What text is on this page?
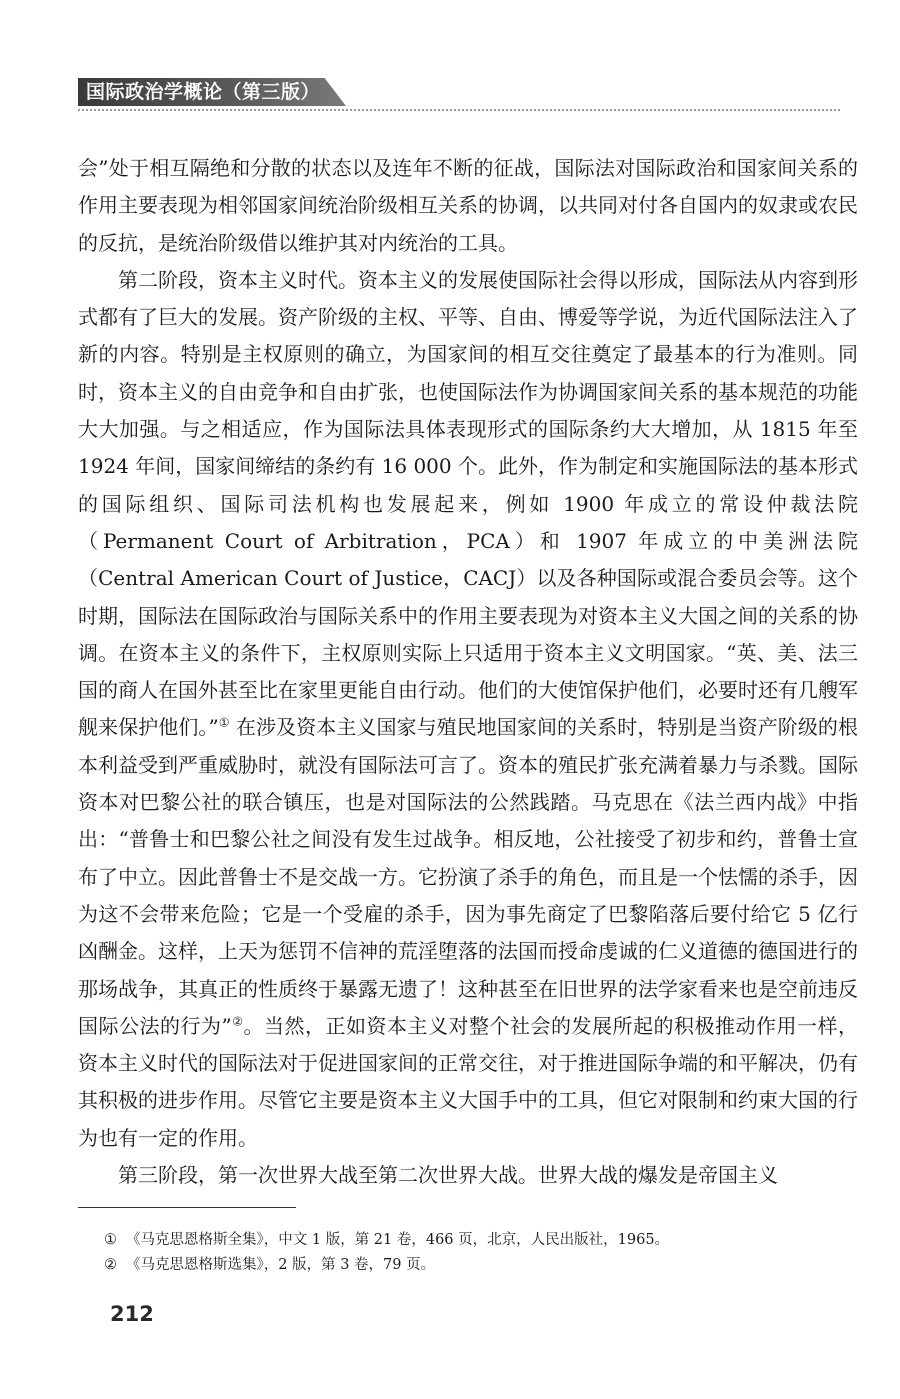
国际政治学概论（第三版）

会”处于相互隔绝和分散的状态以及连年不断的征战，国际法对国际政治和国家间关系的作用主要表现为相邻国家间统治阶级相互关系的协调，以共同对付各自国内的奴隶或农民的反抗，是统治阶级借以维护其对内统治的工具。

第二阶段，资本主义时代。资本主义的发展使国际社会得以形成，国际法从内容到形式都有了巨大的发展。资产阶级的主权、平等、自由、博爱等学说，为近代国际法注入了新的内容。特别是主权原则的确立，为国家间的相互交往奠定了最基本的行为准则。同时，资本主义的自由竞争和自由扩张，也使国际法作为协调国家间关系的基本规范的功能大大加强。与之相适应，作为国际法具体表现形式的国际条约大大增加，从 1815 年至 1924 年间，国家间缔结的条约有 16 000 个。此外，作为制定和实施国际法的基本形式的国际组织、国际司法机构也发展起来，例如 1900 年成立的常设仲裁法院（Permanent Court of Arbitration，PCA）和 1907 年成立的中美洲法院（Central American Court of Justice，CACJ）以及各种国际或混合委员会等。这个时期，国际法在国际政治与国际关系中的作用主要表现为对资本主义大国之间的关系的协调。在资本主义的条件下，主权原则实际上只适用于资本主义文明国家。“英、美、法三国的商人在国外甚至比在家里更能自由行动。他们的大使馆保护他们，必要时还有几艘军舰来保护他们。”① 在涉及资本主义国家与殖民地国家间的关系时，特别是当资产阶级的根本利益受到严重威胁时，就没有国际法可言了。资本的殖民扩张充满着暴力与杀戮。国际资本对巴黎公社的联合镇压，也是对国际法的公然践踏。马克思在《法兰西内战》中指出：“普鲁士和巴黎公社之间没有发生过战争。相反地，公社接受了初步和约，普鲁士宣布了中立。因此普鲁士不是交战一方。它扮演了杀手的角色，而且是一个怯懦的杀手，因为这不会带来危险；它是一个受雇的杀手，因为事先商定了巴黎陷落后要付给它 5 亿行凶酬金。这样，上天为惩罚不信神的荒淫堕落的法国而授命虔诚的仁义道德的德国进行的那场战争，其真正的性质终于暴露无遗了！这种甚至在旧世界的法学家看来也是空前违反国际公法的行为”②。当然，正如资本主义对整个社会的发展所起的积极推动作用一样，资本主义时代的国际法对于促进国家间的正常交往，对于推进国际争端的和平解决，仍有其积极的进步作用。尽管它主要是资本主义大国手中的工具，但它对限制和约束大国的行为也有一定的作用。

第三阶段，第一次世界大战至第二次世界大战。世界大战的爆发是帝国主义

① 《马克思恩格斯全集》，中文 1 版，第 21 卷，466 页，北京，人民出版社，1965。
② 《马克思恩格斯选集》，2 版，第 3 卷，79 页。
212
